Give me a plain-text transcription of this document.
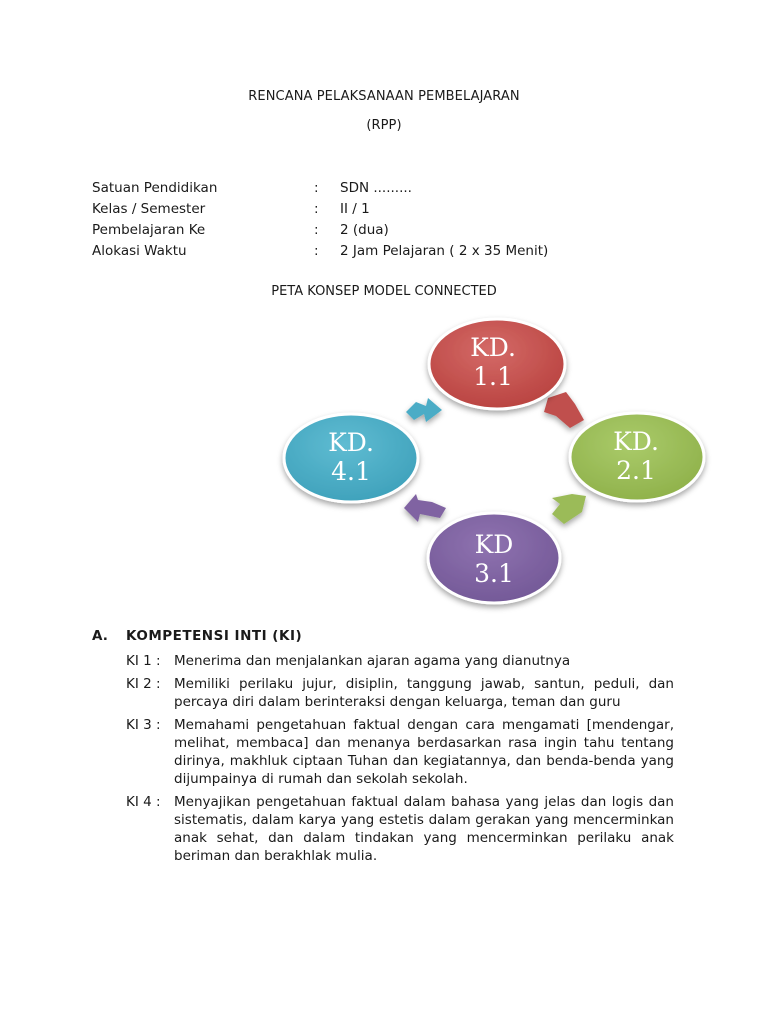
RENCANA PELAKSANAAN PEMBELAJARAN
(RPP)
Satuan Pendidikan	:	SDN .........
Kelas / Semester	:	II / 1
Pembelajaran Ke	:	2 (dua)
Alokasi Waktu	:	2 Jam Pelajaran ( 2 x 35 Menit)
PETA KONSEP MODEL CONNECTED
KD.
1.1
KD.
2.1
KD
3.1
KD.
4.1
A.	KOMPETENSI INTI (KI)
KI 1 : Menerima dan menjalankan ajaran agama yang dianutnya
KI 2 : Memiliki perilaku jujur, disiplin, tanggung jawab, santun, peduli, dan percaya diri dalam berinteraksi dengan keluarga, teman dan guru
KI 3 : Memahami pengetahuan faktual dengan cara mengamati [mendengar, melihat, membaca] dan menanya berdasarkan rasa ingin tahu tentang dirinya, makhluk ciptaan Tuhan dan kegiatannya, dan benda-benda yang dijumpainya di rumah dan sekolah sekolah.
KI 4 : Menyajikan pengetahuan faktual dalam bahasa yang jelas dan logis dan sistematis, dalam karya yang estetis dalam gerakan yang mencerminkan anak sehat, dan dalam tindakan yang mencerminkan perilaku anak beriman dan berakhlak mulia.
